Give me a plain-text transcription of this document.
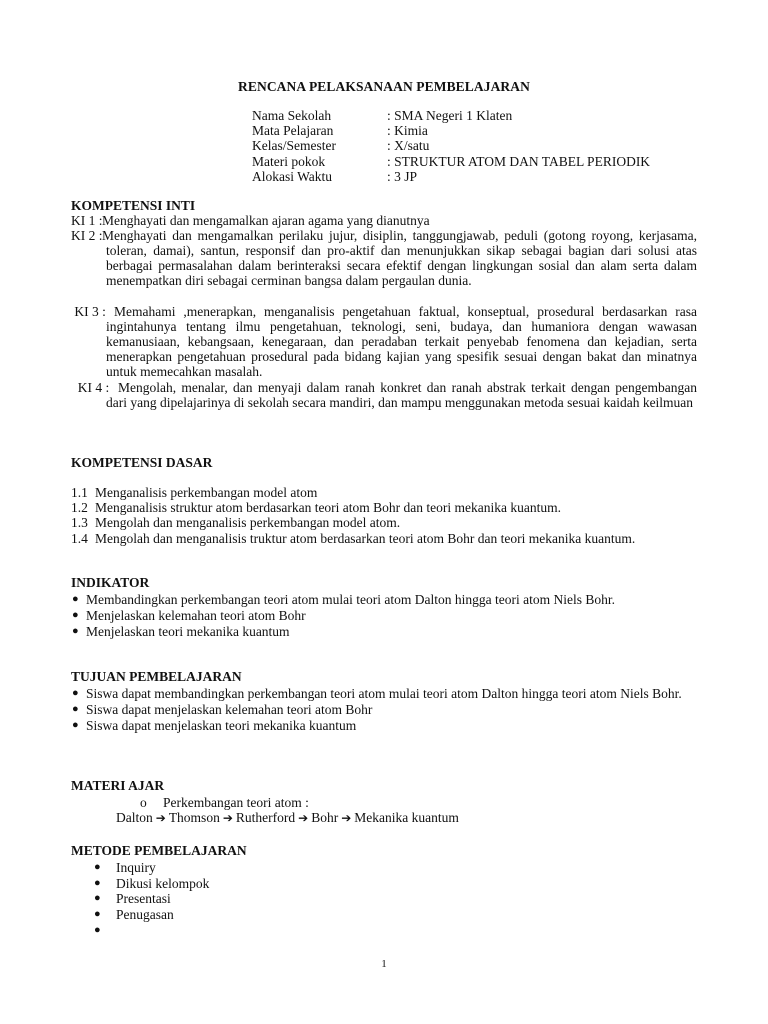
RENCANA PELAKSANAAN PEMBELAJARAN
Nama Sekolah	: SMA Negeri 1 Klaten
Mata Pelajaran	: Kimia
Kelas/Semester	: X/satu
Materi pokok	: STRUKTUR ATOM DAN TABEL PERIODIK
Alokasi Waktu	: 3 JP
KOMPETENSI INTI
KI 1 : Menghayati dan mengamalkan ajaran agama yang dianutnya
KI 2 : Menghayati dan mengamalkan perilaku jujur, disiplin, tanggungjawab, peduli (gotong royong, kerjasama, toleran, damai), santun, responsif dan pro-aktif dan menunjukkan sikap sebagai bagian dari solusi atas berbagai permasalahan dalam berinteraksi secara efektif dengan lingkungan sosial dan alam serta dalam menempatkan diri sebagai cerminan bangsa dalam pergaulan dunia.
KI 3 : Memahami ,menerapkan, menganalisis pengetahuan faktual, konseptual, prosedural berdasarkan rasa ingintahunya tentang ilmu pengetahuan, teknologi, seni, budaya, dan humaniora dengan wawasan kemanusiaan, kebangsaan, kenegaraan, dan peradaban terkait penyebab fenomena dan kejadian, serta menerapkan pengetahuan prosedural pada bidang kajian yang spesifik sesuai dengan bakat dan minatnya untuk memecahkan masalah.
KI 4 : Mengolah, menalar, dan menyaji dalam ranah konkret dan ranah abstrak terkait dengan pengembangan dari yang dipelajarinya di sekolah secara mandiri, dan mampu menggunakan metoda sesuai kaidah keilmuan
KOMPETENSI DASAR
1.1 Menganalisis perkembangan model atom
1.2 Menganalisis struktur atom berdasarkan teori atom Bohr dan teori mekanika kuantum.
1.3 Mengolah dan menganalisis perkembangan model atom.
1.4 Mengolah dan menganalisis truktur atom berdasarkan teori atom Bohr dan teori mekanika kuantum.
INDIKATOR
● Membandingkan perkembangan teori atom mulai teori atom Dalton hingga teori atom Niels Bohr.
● Menjelaskan kelemahan teori atom Bohr
● Menjelaskan teori mekanika kuantum
TUJUAN PEMBELAJARAN
● Siswa dapat membandingkan perkembangan teori atom mulai teori atom Dalton hingga teori atom Niels Bohr.
● Siswa dapat menjelaskan kelemahan teori atom Bohr
● Siswa dapat menjelaskan teori mekanika kuantum
MATERI AJAR
o Perkembangan teori atom :
Dalton ➔ Thomson ➔ Rutherford ➔ Bohr ➔ Mekanika kuantum
METODE PEMBELAJARAN
● Inquiry
● Dikusi kelompok
● Presentasi
● Penugasan
●
1
